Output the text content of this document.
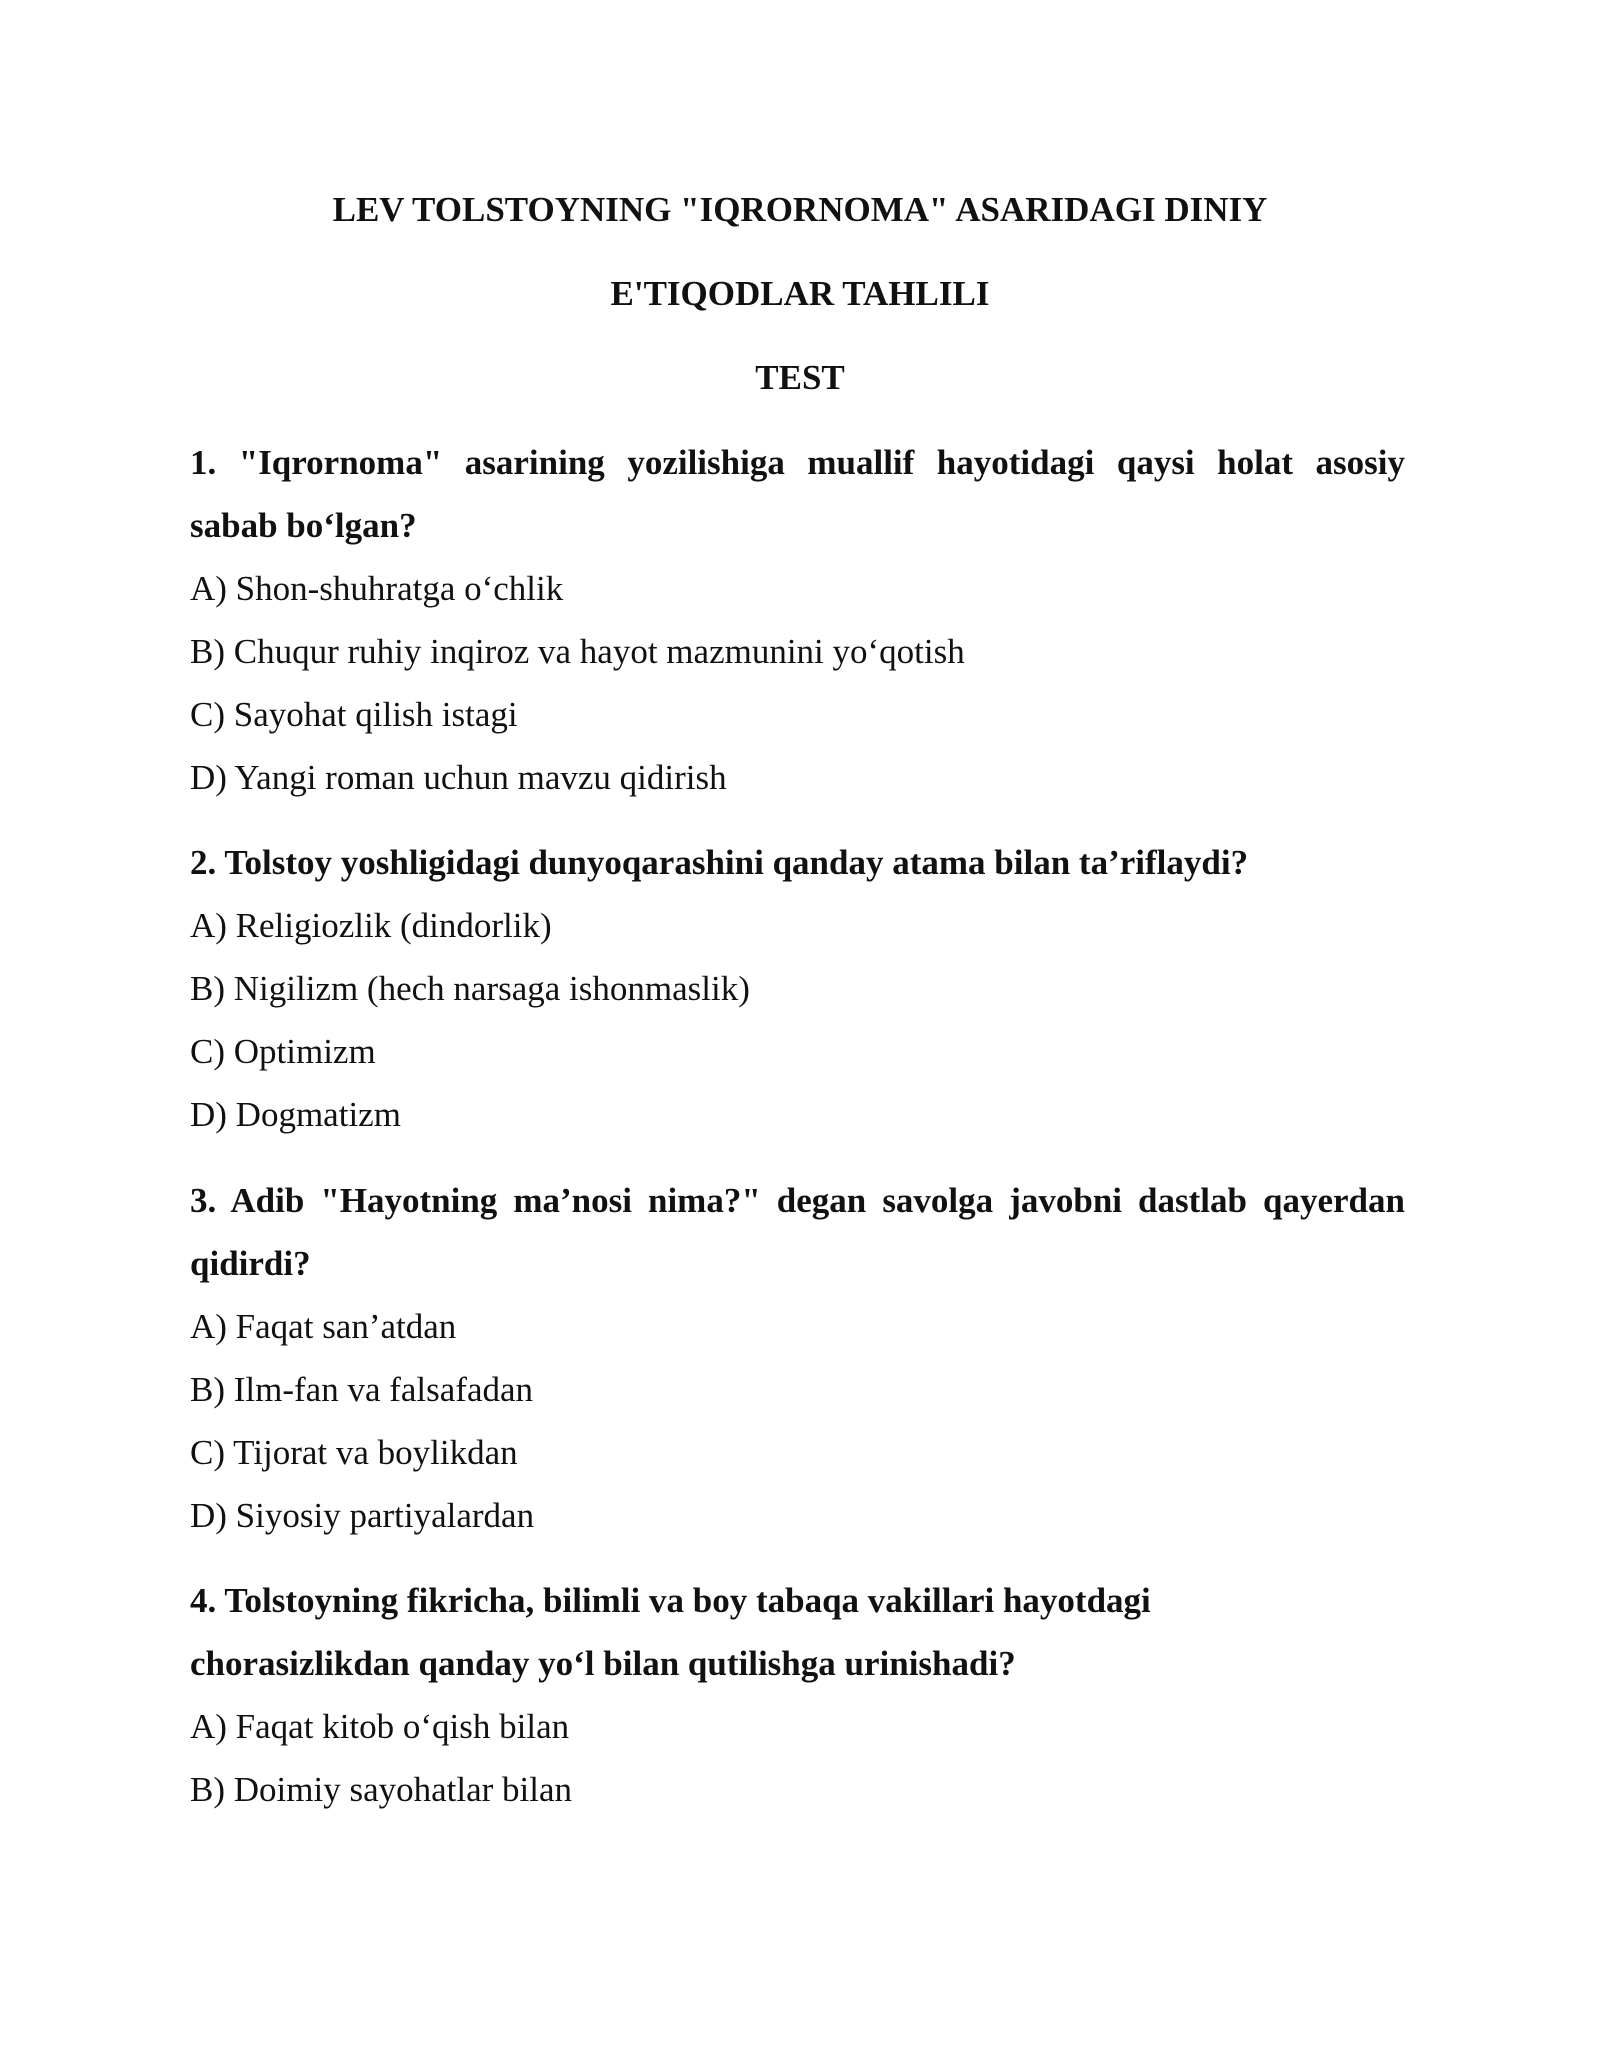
LEV TOLSTOYNING "IQRORNOMA" ASARIDAGI DINIY
E'TIQODLAR TAHLILI
TEST
1. "Iqrornoma" asarining yozilishiga muallif hayotidagi qaysi holat asosiy
sabab bo‘lgan?
A) Shon-shuhratga o‘chlik
B) Chuqur ruhiy inqiroz va hayot mazmunini yo‘qotish
C) Sayohat qilish istagi
D) Yangi roman uchun mavzu qidirish
2. Tolstoy yoshligidagi dunyoqarashini qanday atama bilan ta’riflaydi?
A) Religiozlik (dindorlik)
B) Nigilizm (hech narsaga ishonmaslik)
C) Optimizm
D) Dogmatizm
3. Adib "Hayotning ma’nosi nima?" degan savolga javobni dastlab qayerdan
qidirdi?
A) Faqat san’atdan
B) Ilm-fan va falsafadan
C) Tijorat va boylikdan
D) Siyosiy partiyalardan
4. Tolstoyning fikricha, bilimli va boy tabaqa vakillari hayotdagi
chorasizlikdan qanday yo‘l bilan qutilishga urinishadi?
A) Faqat kitob o‘qish bilan
B) Doimiy sayohatlar bilan
